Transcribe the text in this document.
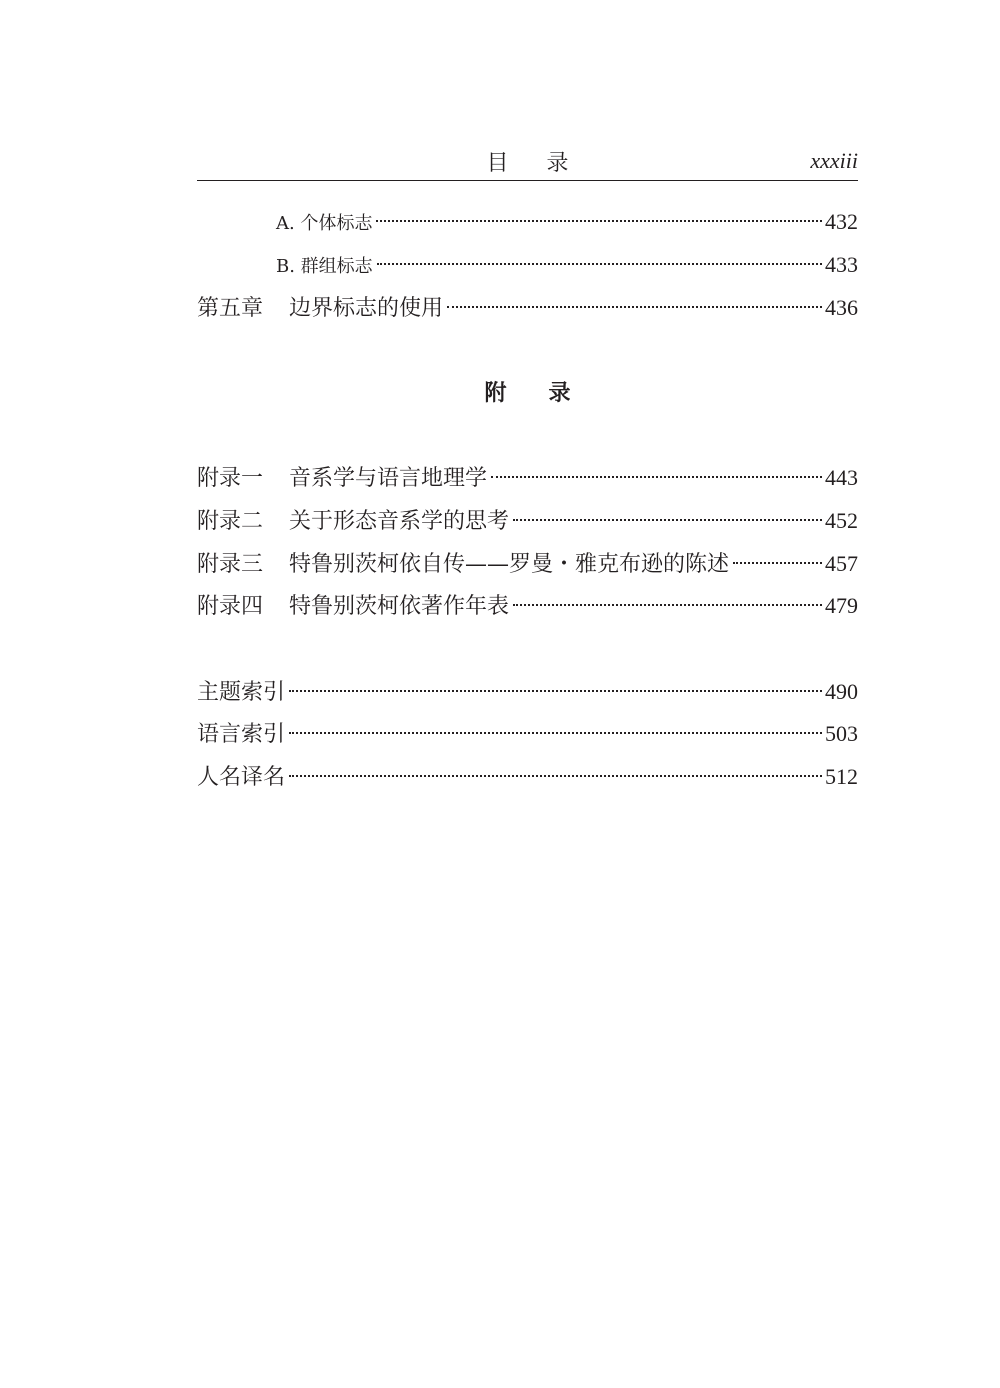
目 录	xxxiii
A. 个体标志	432
B. 群组标志	433
第五章 边界标志的使用	436
附 录
附录一 音系学与语言地理学	443
附录二 关于形态音系学的思考	452
附录三 特鲁别茨柯依自传——罗曼・雅克布逊的陈述	457
附录四 特鲁别茨柯依著作年表	479
主题索引	490
语言索引	503
人名译名	512
